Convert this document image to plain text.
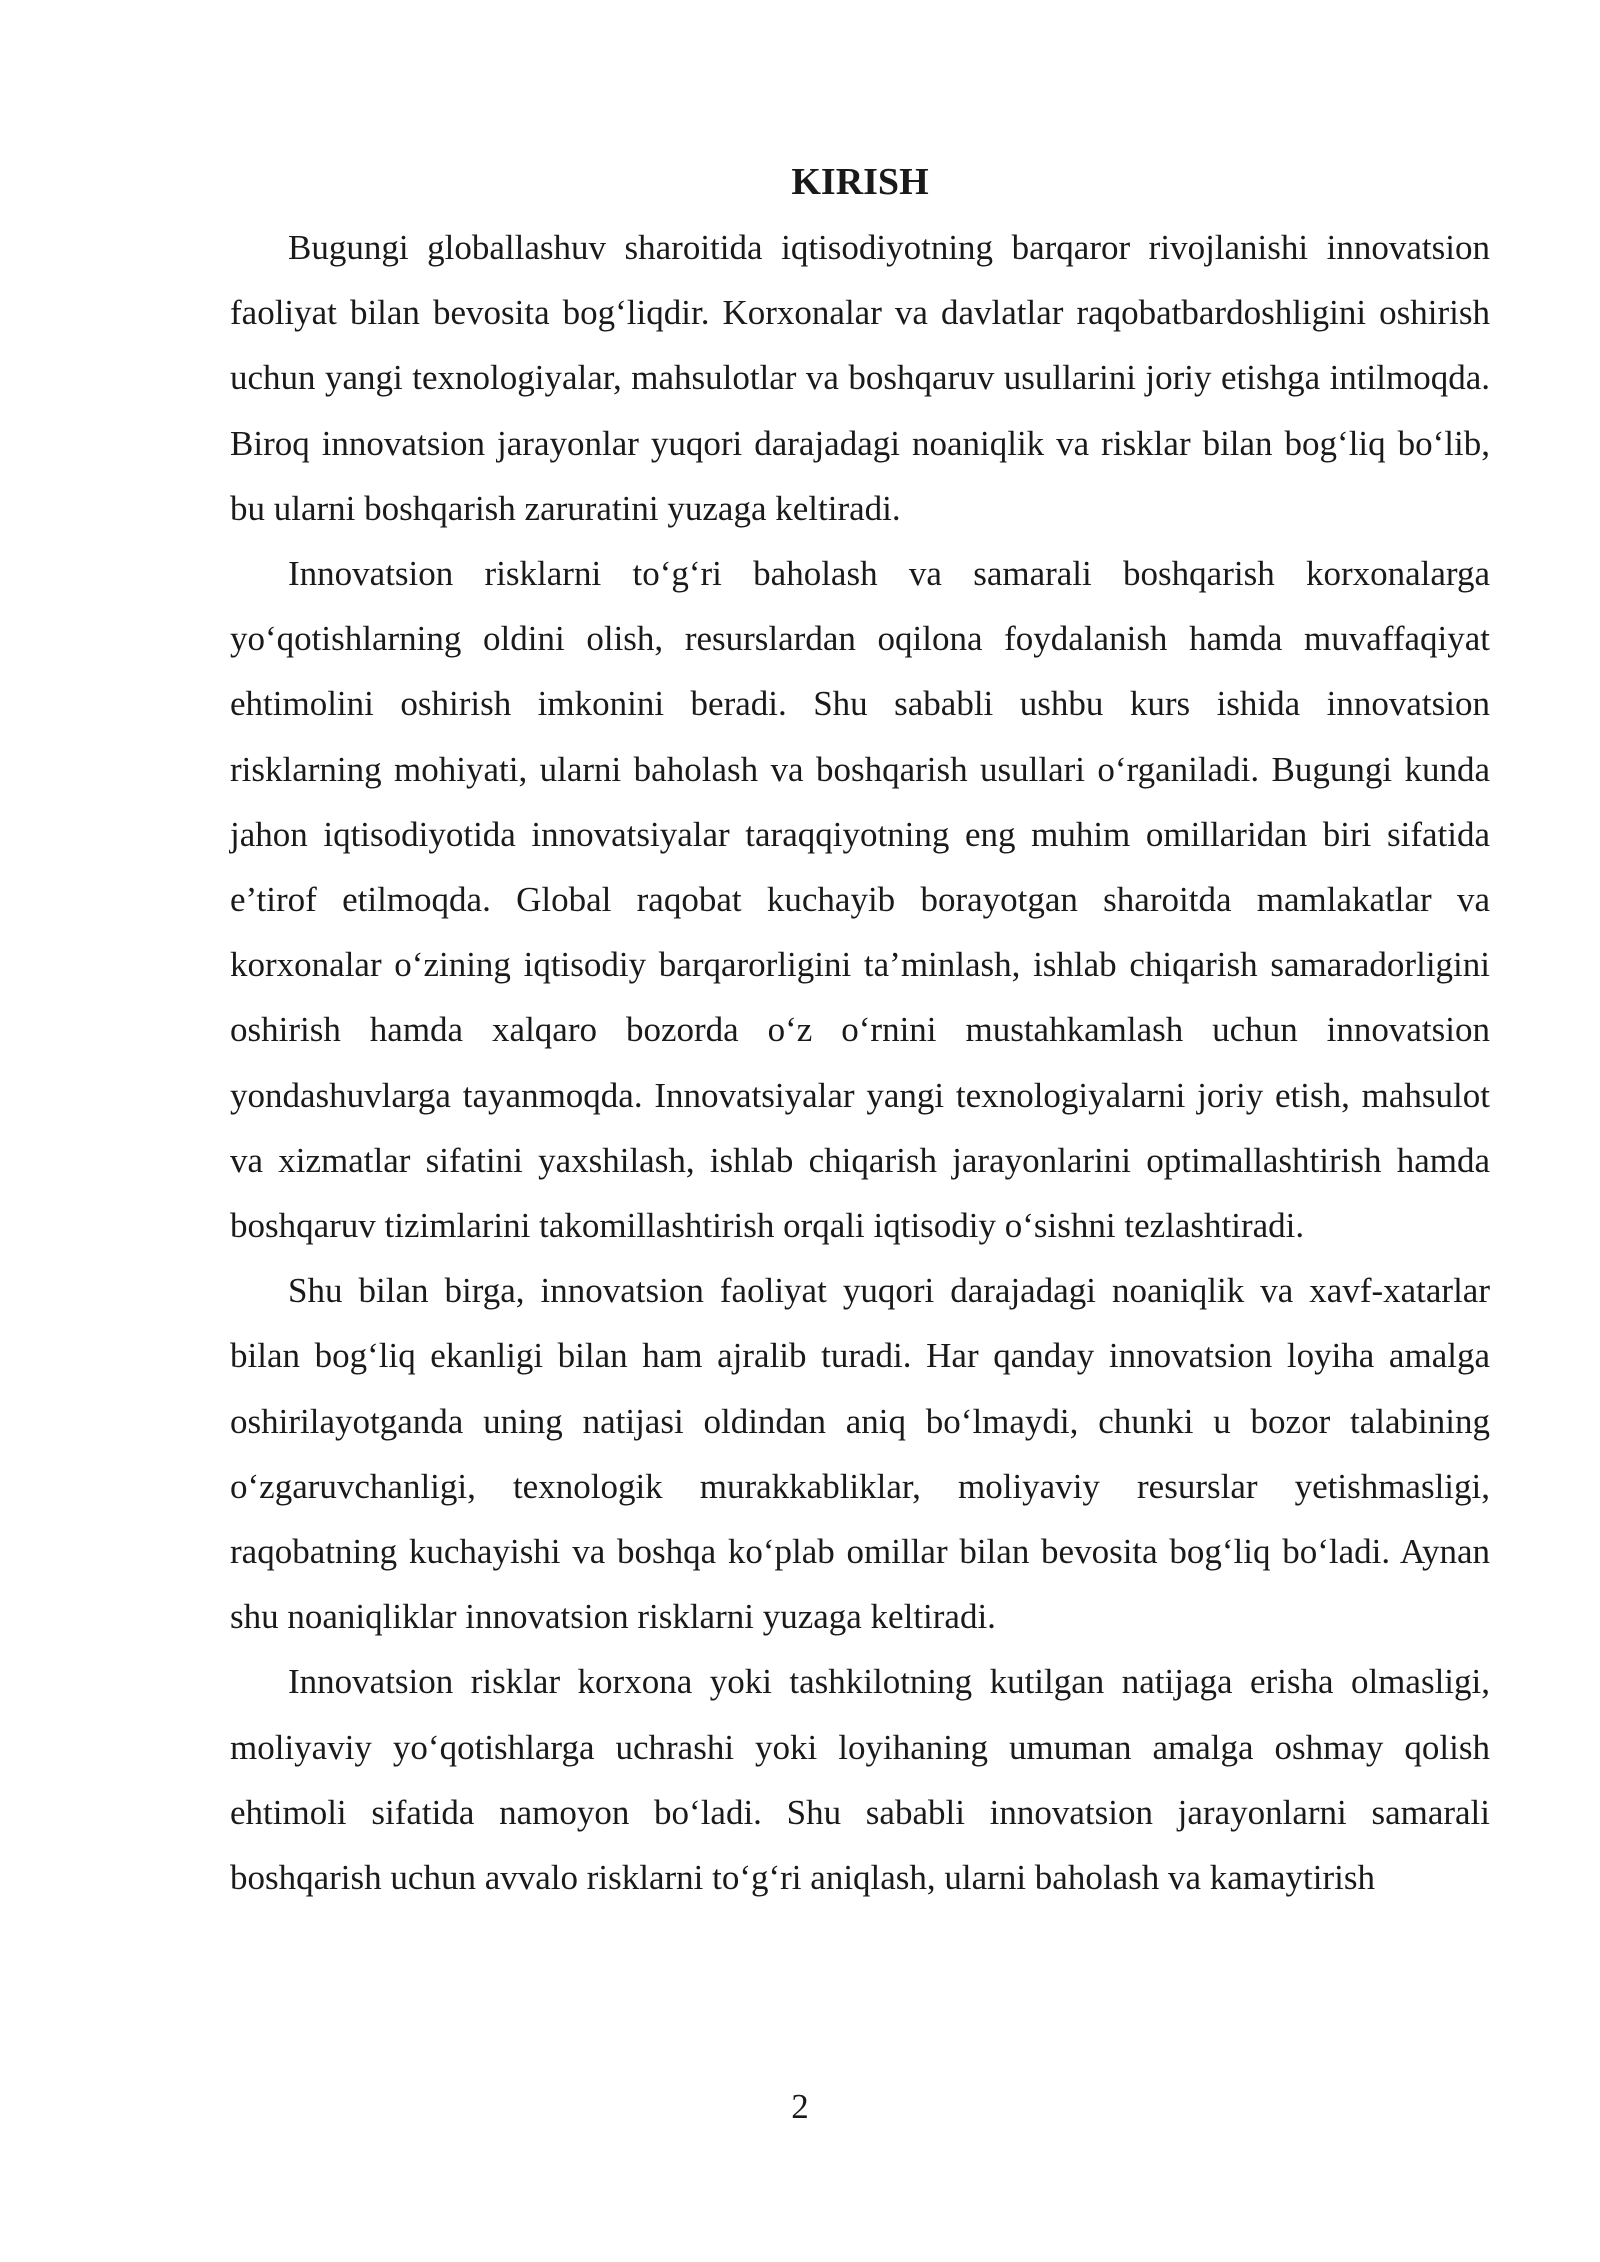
KIRISH

Bugungi globallashuv sharoitida iqtisodiyotning barqaror rivojlanishi innovatsion faoliyat bilan bevosita bog‘liqdir. Korxonalar va davlatlar raqobatbardoshligini oshirish uchun yangi texnologiyalar, mahsulotlar va boshqaruv usullarini joriy etishga intilmoqda. Biroq innovatsion jarayonlar yuqori darajadagi noaniqlik va risklar bilan bog‘liq bo‘lib, bu ularni boshqarish zaruratini yuzaga keltiradi.

Innovatsion risklarni to‘g‘ri baholash va samarali boshqarish korxonalarga yo‘qotishlarning oldini olish, resurslardan oqilona foydalanish hamda muvaffaqiyat ehtimolini oshirish imkonini beradi. Shu sababli ushbu kurs ishida innovatsion risklarning mohiyati, ularni baholash va boshqarish usullari o‘rganiladi. Bugungi kunda jahon iqtisodiyotida innovatsiyalar taraqqiyotning eng muhim omillaridan biri sifatida e’tirof etilmoqda. Global raqobat kuchayib borayotgan sharoitda mamlakatlar va korxonalar o‘zining iqtisodiy barqarorligini ta’minlash, ishlab chiqarish samaradorligini oshirish hamda xalqaro bozorda o‘z o‘rnini mustahkamlash uchun innovatsion yondashuvlarga tayanmoqda. Innovatsiyalar yangi texnologiyalarni joriy etish, mahsulot va xizmatlar sifatini yaxshilash, ishlab chiqarish jarayonlarini optimallashtirish hamda boshqaruv tizimlarini takomillashtirish orqali iqtisodiy o‘sishni tezlashtiradi.

Shu bilan birga, innovatsion faoliyat yuqori darajadagi noaniqlik va xavf-xatarlar bilan bog‘liq ekanligi bilan ham ajralib turadi. Har qanday innovatsion loyiha amalga oshirilayotganda uning natijasi oldindan aniq bo‘lmaydi, chunki u bozor talabining o‘zgaruvchanligi, texnologik murakkabliklar, moliyaviy resurslar yetishmasligi, raqobatning kuchayishi va boshqa ko‘plab omillar bilan bevosita bog‘liq bo‘ladi. Aynan shu noaniqliklar innovatsion risklarni yuzaga keltiradi.

Innovatsion risklar korxona yoki tashkilotning kutilgan natijaga erisha olmasligi, moliyaviy yo‘qotishlarga uchrashi yoki loyihaning umuman amalga oshmay qolish ehtimoli sifatida namoyon bo‘ladi. Shu sababli innovatsion jarayonlarni samarali boshqarish uchun avvalo risklarni to‘g‘ri aniqlash, ularni baholash va kamaytirish

2
